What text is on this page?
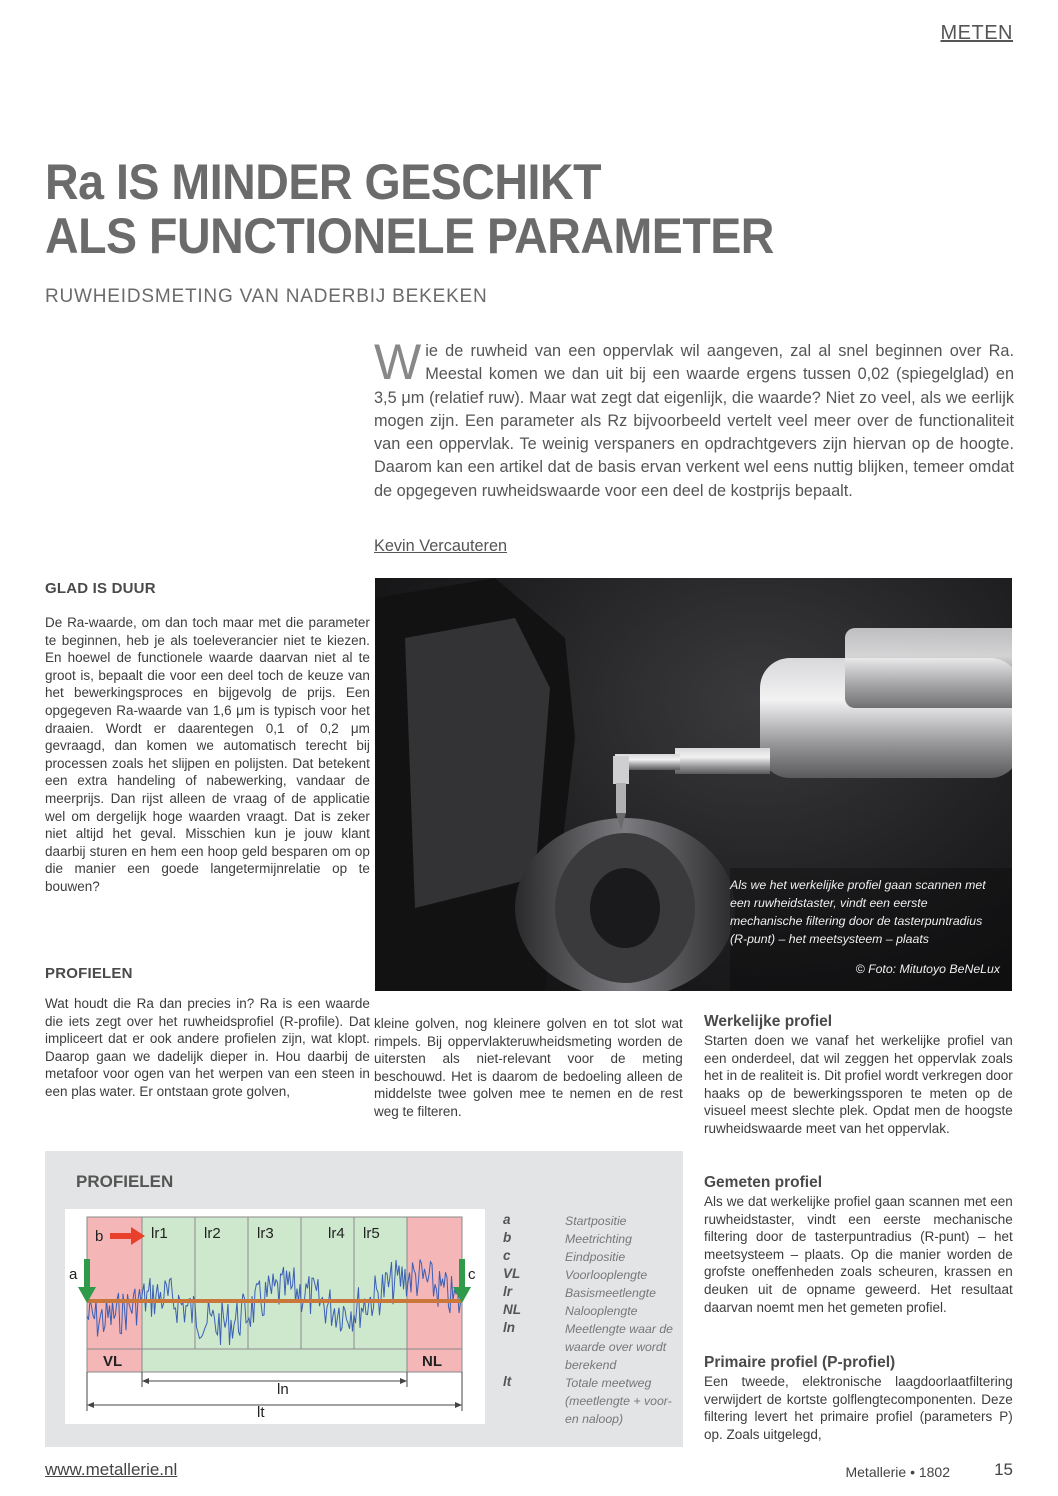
METEN
Ra IS MINDER GESCHIKT
ALS FUNCTIONELE PARAMETER
RUWHEIDSMETING VAN NADERBIJ BEKEKEN
Wie de ruwheid van een oppervlak wil aangeven, zal al snel beginnen over Ra. Meestal komen we dan uit bij een waarde ergens tussen 0,02 (spiegelglad) en 3,5 μm (relatief ruw). Maar wat zegt dat eigenlijk, die waarde? Niet zo veel, als we eerlijk mogen zijn. Een parameter als Rz bijvoorbeeld vertelt veel meer over de functionaliteit van een oppervlak. Te weinig verspaners en opdrachtgevers zijn hiervan op de hoogte. Daarom kan een artikel dat de basis ervan verkent wel eens nuttig blijken, temeer omdat de opgegeven ruwheidswaarde voor een deel de kostprijs bepaalt.
Kevin Vercauteren
GLAD IS DUUR
De Ra-waarde, om dan toch maar met die parameter te beginnen, heb je als toeleverancier niet te kiezen. En hoewel de functionele waarde daarvan niet al te groot is, bepaalt die voor een deel toch de keuze van het bewerkingsproces en bijgevolg de prijs. Een opgegeven Ra-waarde van 1,6 μm is typisch voor het draaien. Wordt er daarentegen 0,1 of 0,2 μm gevraagd, dan komen we automatisch terecht bij processen zoals het slijpen en polijsten. Dat betekent een extra handeling of nabewerking, vandaar de meerprijs. Dan rijst alleen de vraag of de applicatie wel om dergelijk hoge waarden vraagt. Dat is zeker niet altijd het geval. Misschien kun je jouw klant daarbij sturen en hem een hoop geld besparen om op die manier een goede langetermijnrelatie op te bouwen?
PROFIELEN
Wat houdt die Ra dan precies in? Ra is een waarde die iets zegt over het ruwheidsprofiel (R-profile). Dat impliceert dat er ook andere profielen zijn, wat klopt. Daarop gaan we dadelijk dieper in. Hou daarbij de metafoor voor ogen van het werpen van een steen in een plas water. Er ontstaan grote golven,
Als we het werkelijke profiel gaan scannen met een ruwheidstaster, vindt een eerste mechanische filtering door de tasterpuntradius (R-punt) – het meetsysteem – plaats
© Foto: Mitutoyo BeNeLux
kleine golven, nog kleinere golven en tot slot wat rimpels. Bij oppervlakteruwheidsmeting worden de uitersten als niet-relevant voor de meting beschouwd. Het is daarom de bedoeling alleen de middelste twee golven mee te nemen en de rest weg te filteren.
Werkelijke profiel
Starten doen we vanaf het werkelijke profiel van een onderdeel, dat wil zeggen het oppervlak zoals het in de realiteit is. Dit profiel wordt verkregen door haaks op de bewerkingssporen te meten op de visueel meest slechte plek. Opdat men de hoogste ruwheidswaarde meet van het oppervlak.
Gemeten profiel
Als we dat werkelijke profiel gaan scannen met een ruwheidstaster, vindt een eerste mechanische filtering door de tasterpuntradius (R-punt) – het meetsysteem – plaats. Op die manier worden de grofste oneffenheden zoals scheuren, krassen en deuken uit de opname geweerd. Het resultaat daarvan noemt men het gemeten profiel.
Primaire profiel (P-profiel)
Een tweede, elektronische laagdoorlaatfiltering verwijdert de kortste golflengtecomponenten. Deze filtering levert het primaire profiel (parameters P) op. Zoals uitgelegd,
PROFIELEN
b
a	c
lr1 lr2 lr3	lr4 lr5
VL	NL
ln
lt
a	Startpositie
b	Meetrichting
c	Eindpositie
VL	Voorlooplengte
lr	Basismeetlengte
NL	Nalooplengte
ln	Meetlengte waar de waarde over wordt berekend
lt	Totale meetweg (meetlengte + voor- en naloop)
www.metallerie.nl	Metallerie • 1802	15
